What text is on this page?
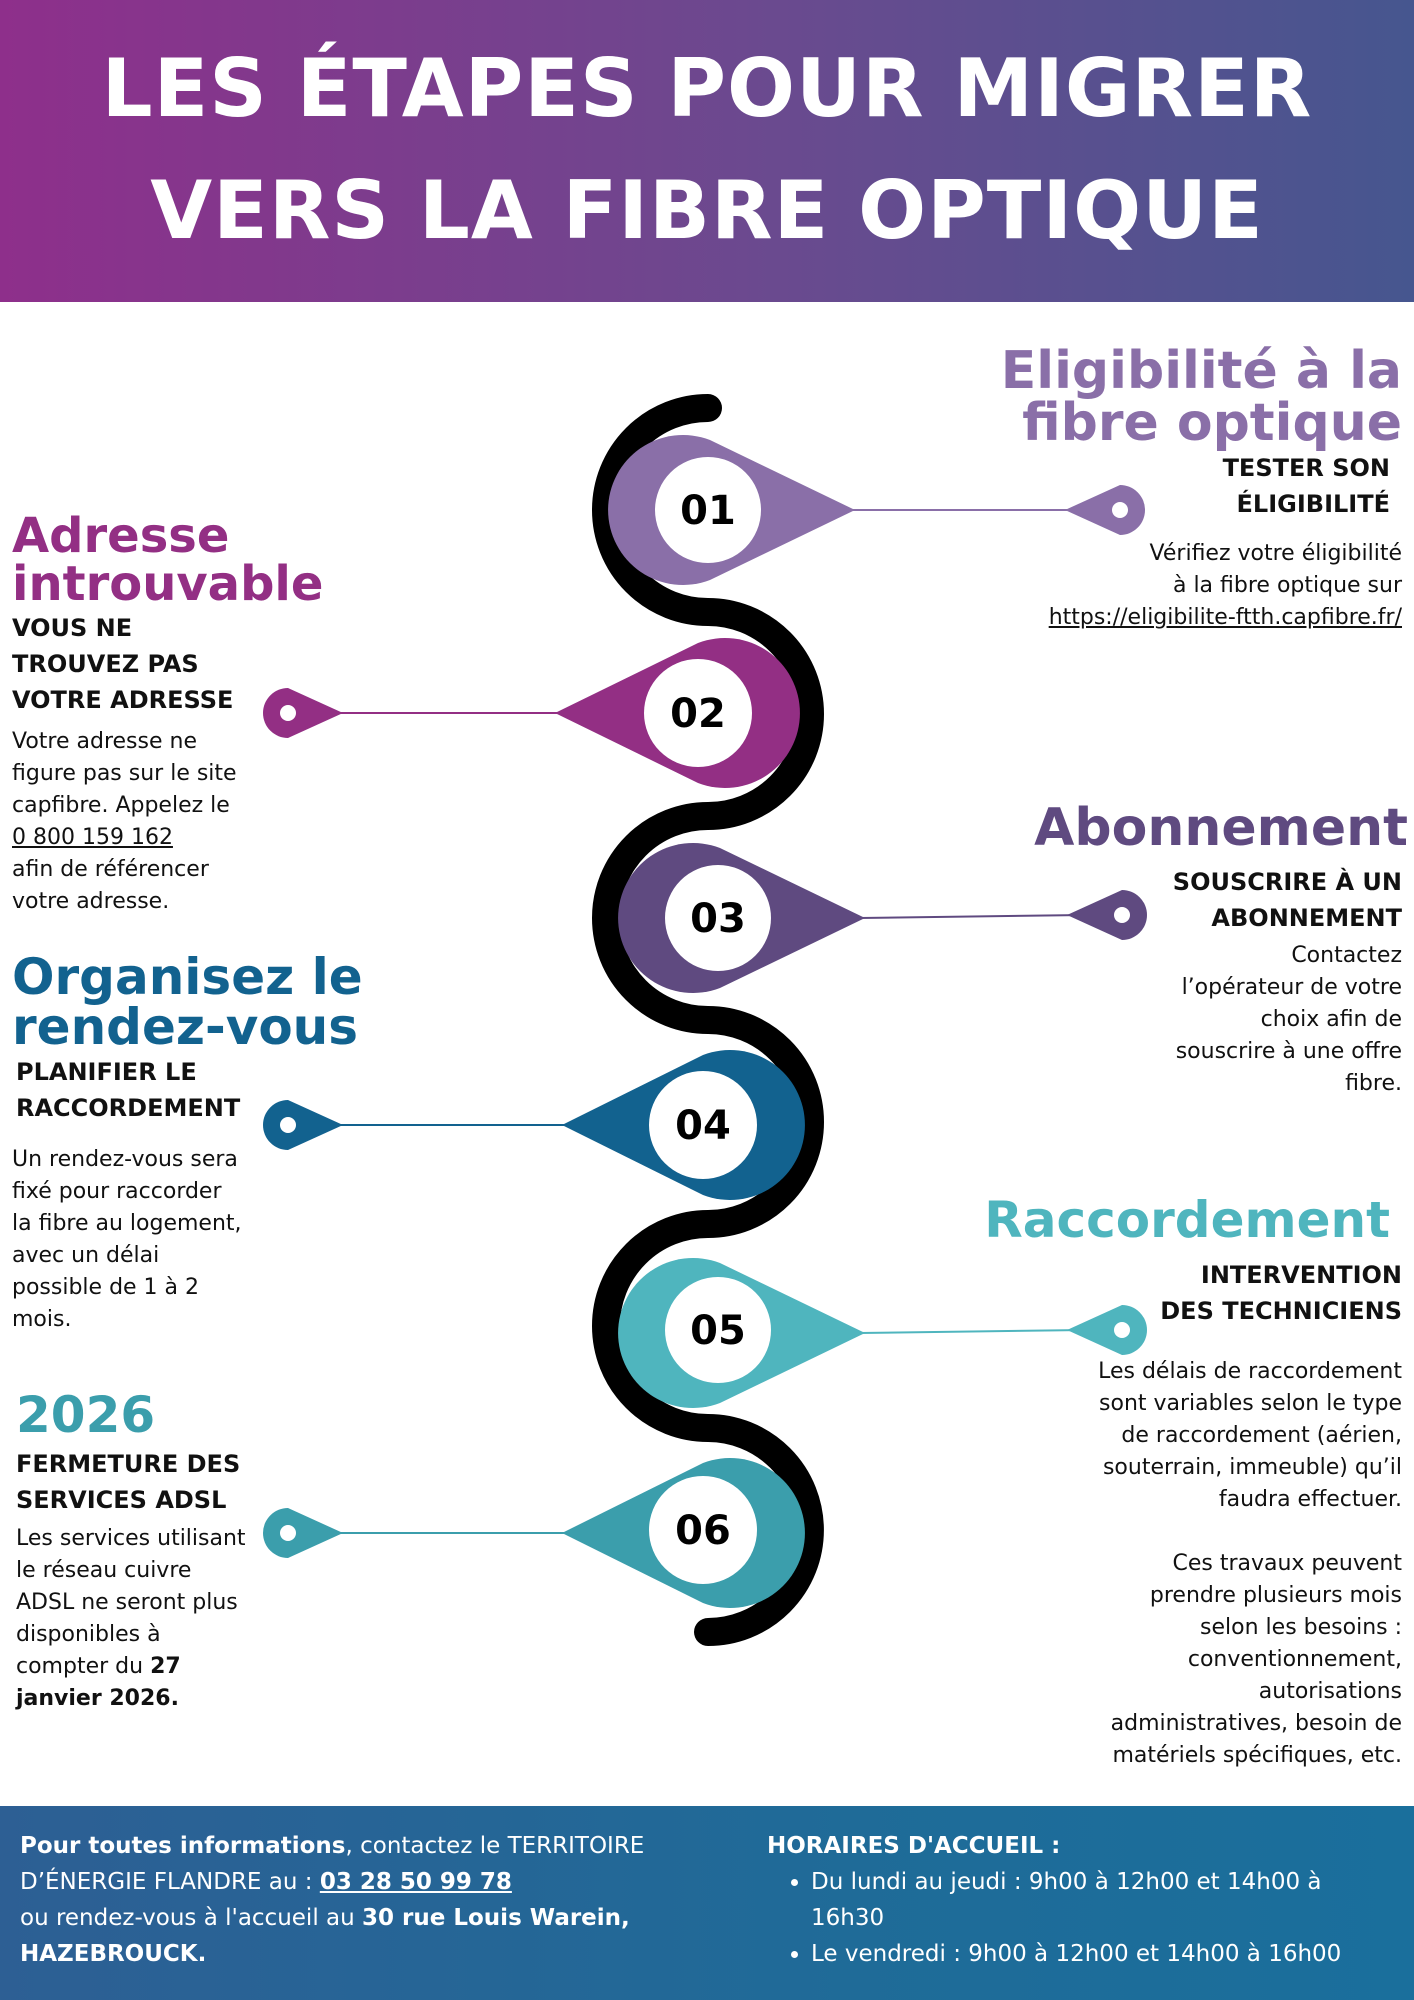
LES ÉTAPES POUR MIGRER
VERS LA FIBRE OPTIQUE
01
02
03
04
05
06
Eligibilité à la
fibre optique
TESTER SON
ÉLIGIBILITÉ
Vérifiez votre éligibilité
à la fibre optique sur
https://eligibilite-ftth.capfibre.fr/
Adresse
introuvable
VOUS NE
TROUVEZ PAS
VOTRE ADRESSE
Votre adresse ne
figure pas sur le site
capfibre. Appelez le
0 800 159 162
afin de référencer
votre adresse.
Abonnement
SOUSCRIRE À UN
ABONNEMENT
Contactez
l’opérateur de votre
choix afin de
souscrire à une offre
fibre.
Organisez le
rendez-vous
PLANIFIER LE
RACCORDEMENT
Un rendez-vous sera
fixé pour raccorder
la fibre au logement,
avec un délai
possible de 1 à 2
mois.
Raccordement
INTERVENTION
DES TECHNICIENS
Les délais de raccordement
sont variables selon le type
de raccordement (aérien,
souterrain, immeuble) qu’il
faudra effectuer.
Ces travaux peuvent
prendre plusieurs mois
selon les besoins :
conventionnement,
autorisations
administratives, besoin de
matériels spécifiques, etc.
2026
FERMETURE DES
SERVICES ADSL
Les services utilisant
le réseau cuivre
ADSL ne seront plus
disponibles à
compter du 27
janvier 2026.
Pour toutes informations, contactez le TERRITOIRE
D’ÉNERGIE FLANDRE au : 03 28 50 99 78
ou rendez-vous à l'accueil au 30 rue Louis Warein,
HAZEBROUCK.
HORAIRES D'ACCUEIL :
• Du lundi au jeudi : 9h00 à 12h00 et 14h00 à
16h30
• Le vendredi : 9h00 à 12h00 et 14h00 à 16h00
